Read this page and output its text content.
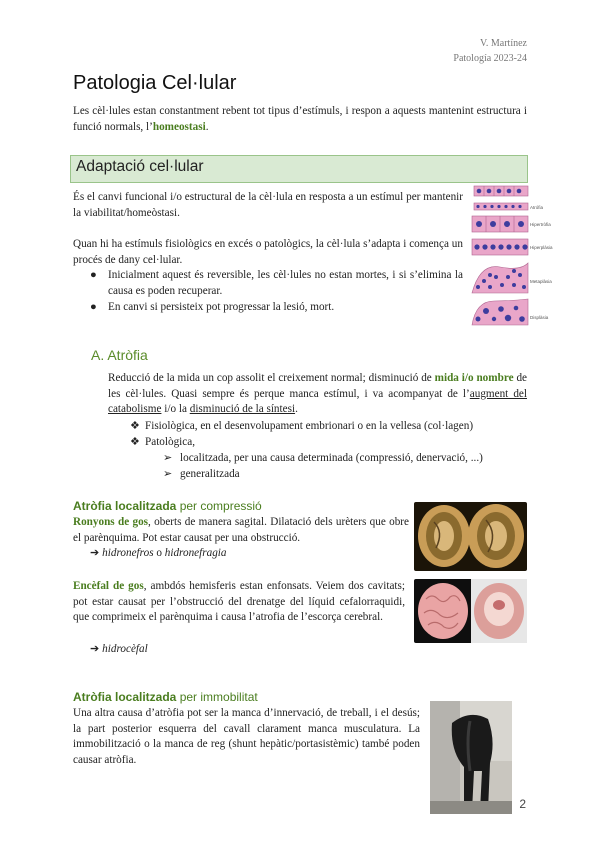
V. Martínez
Patología 2023-24
Patologia Cel·lular
Les cèl·lules estan constantment rebent tot tipus d’estímuls, i respon a aquests mantenint estructura i funció normals, l’homeostasi.
Adaptació cel·lular
És el canvi funcional i/o estructural de la cèl·lula en resposta a un estímul per mantenir la viabilitat/homeòstasi.
Quan hi ha estímuls fisiològics en excés o patològics, la cèl·lula s’adapta i comença un procés de dany cel·lular.
●	Inicialment aquest és reversible, les cèl·lules no estan mortes, i si s’elimina la causa es poden recuperar.
●	En canvi si persisteix pot progressar la lesió, mort.
Atrófia
Hipertròfia
Hiperplàsia
Metaplàsia
Displàsia
A. Atròfia
Reducció de la mida un cop assolit el creixement normal; disminució de mida i/o nombre de les cèl·lules. Quasi sempre és perque manca estímul, i va acompanyat de l’augment del catabolisme i/o la disminució de la síntesi.
❖ Fisiològica, en el desenvolupament embrionari o en la vellesa (col·lagen)
❖ Patològica,
➢ localitzada, per una causa determinada (compressió, denervació, ...)
➢ generalitzada
Atròfia localitzada per compressió
Ronyons de gos, oberts de manera sagital. Dilatació dels urèters que obre el parènquima. Pot estar causat per una obstrucció.
➔ hidronefros o hidronefragia
Encèfal de gos, ambdós hemisferis estan enfonsats. Veiem dos cavitats; pot estar causat per l’obstrucció del drenatge del líquid cefalorraquidi, que comprimeix el parènquima i causa l’atrofia de l’escorça cerebral.
➔ hidrocèfal
Atròfia localitzada per immobilitat
Una altra causa d’atròfia pot ser la manca d’innervació, de treball, i el desús; la part posterior esquerra del cavall clarament manca musculatura. La immobilització o la manca de reg (shunt hepàtic/portasistèmic) també poden causar atròfia.
2
